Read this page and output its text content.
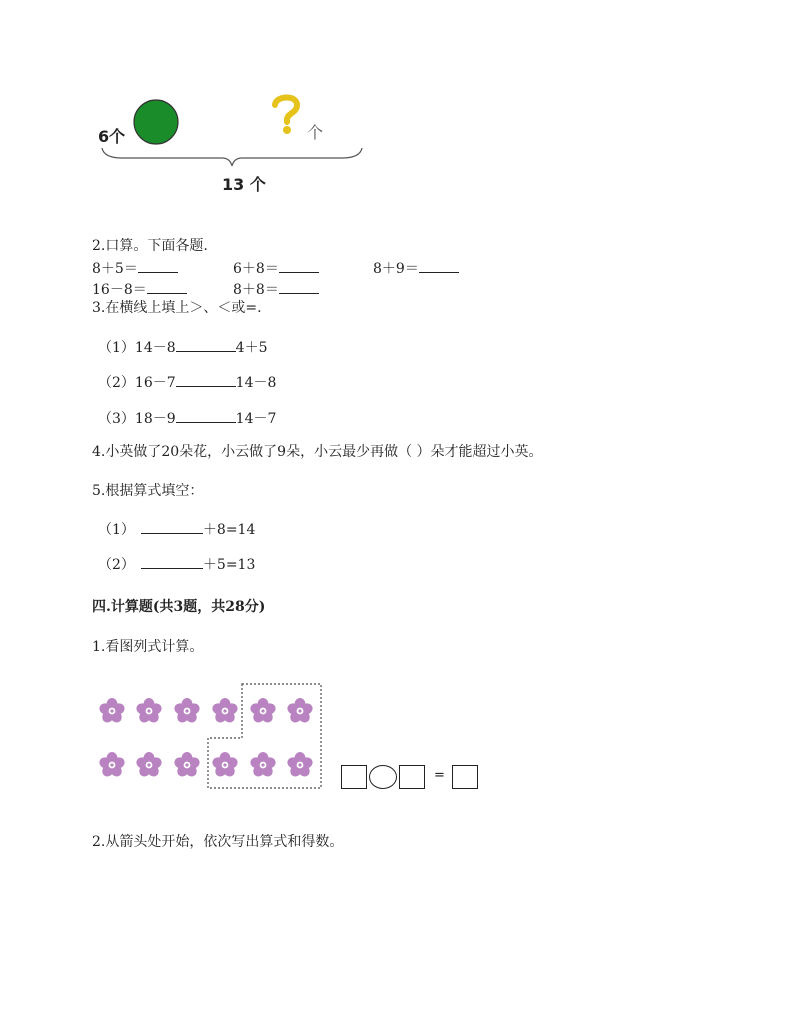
6个	个
13 个
2.口算。下面各题.
8＋5＝	6＋8＝	8＋9＝
16－8＝	8＋8＝
3.在横线上填上＞、＜或=.
（1）14－8	4＋5
（2）16－7	14－8
（3）18－9	14－7
4.小英做了20朵花，小云做了9朵，小云最少再做（ ）朵才能超过小英。
5.根据算式填空：
（1）	＋8=14
（2）	＋5=13
四.计算题(共3题，共28分)
1.看图列式计算。
=
2.从箭头处开始，依次写出算式和得数。
